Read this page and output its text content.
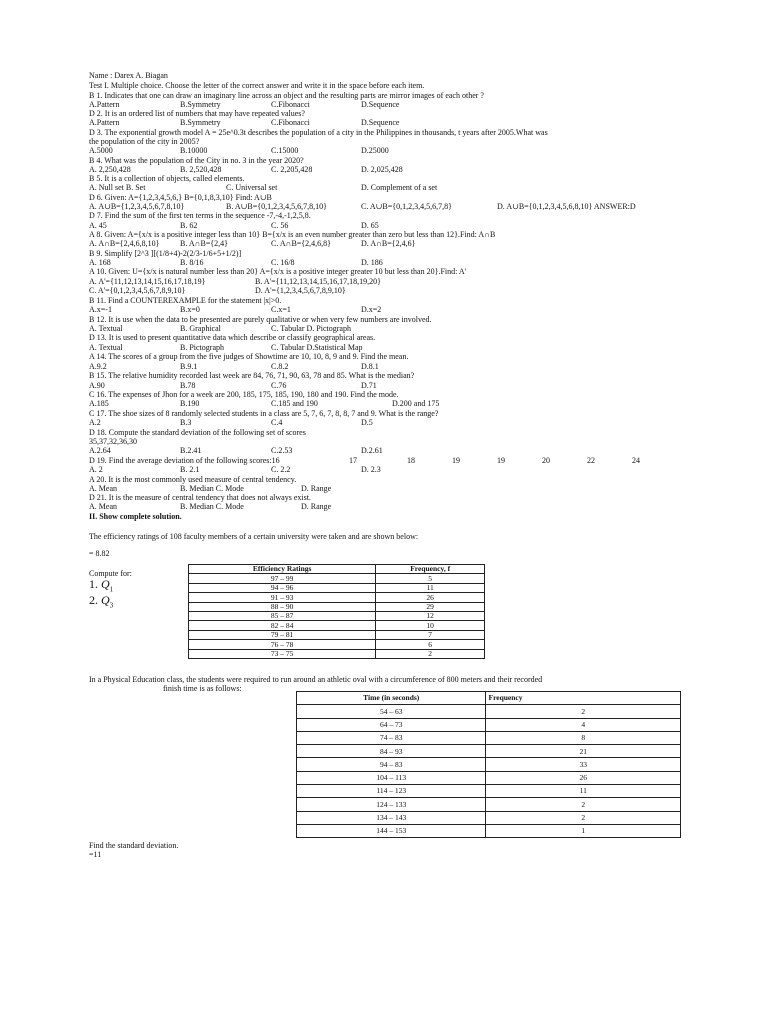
Name : Darex A. Biagan
Test I. Multiple choice. Choose the letter of the correct answer and write it in the space before each item.
B 1. Indicates that one can draw an imaginary line across an object and the resulting parts are mirror images of each other ?
A.Pattern	B.Symmetry	C.Fibonacci	D.Sequence
D 2. It is an ordered list of numbers that may have repeated values?
A.Pattern	B.Symmetry	C.Fibonacci	D.Sequence
D 3. The exponential growth model A = 25e^0.3t describes the population of a city in the Philippines in thousands, t years after 2005.What was
the population of the city in 2005?
A.5000	B.10000	C.15000	D.25000
B 4. What was the population of the City in no. 3 in the year 2020?
A. 2,250,428	B. 2,520,428	C. 2,205,428	D. 2,025,428
B 5. It is a collection of objects, called elements.
A. Null set B. Set	C. Universal set	D. Complement of a set
D 6. Given: A={1,2,3,4,5,6,} B={0,1,8,3,10} Find: A∪B
A. A∪B={1,2,3,4,5,6,7,8,10}	B. A∪B={0,1,2,3,4,5,6,7,8,10}	C. A∪B={0,1,2,3,4,5,6,7,8}	D. A∪B={0,1,2,3,4,5,6,8,10} ANSWER:D
D 7. Find the sum of the first ten terms in the sequence -7,-4,-1,2,5,8.
A. 45	B. 62	C. 56	D. 65
A 8. Given: A={x/x is a positive integer less than 10} B={x/x is an even number greater than zero but less than 12}.Find: A∩B
A. A∩B={2,4,6,8,10}	B. A∩B={2,4}	C. A∩B={2,4,6,8}	D. A∩B={2,4,6}
B 9. Simplify [2^3 ][(1/8+4)-2(2/3-1/6+5+1/2)]
A. 168	B. 8/16	C. 16/8	D. 186
A 10. Given: U={x/x is natural number less than 20} A={x/x is a positive integer greater 10 but less than 20}.Find: A'
A. A'={11,12,13,14,15,16,17,18,19}	B. A'={11,12,13,14,15,16,17,18,19,20}
C. A'={0,1,2,3,4,5,6,7,8,9,10}	D. A'={1,2,3,4,5,6,7,8,9,10}
B 11. Find a COUNTEREXAMPLE for the statement |x|>0.
A.x=-1	B.x=0	C.x=1	D.x=2
B 12. It is use when the data to be presented are purely qualitative or when very few numbers are involved.
A. Textual	B. Graphical	C. Tabular D. Pictograph
D 13. It is used to present quantitative data which describe or classify geographical areas.
A. Textual	B. Pictograph	C. Tabular D.Statistical Map
A 14. The scores of a group from the five judges of Showtime are 10, 10, 8, 9 and 9. Find the mean.
A.9.2	B.9.1	C.8.2	D.8.1
B 15. The relative humidity recorded last week are 84, 76, 71, 90, 63, 78 and 85. What is the median?
A.90	B.78	C.76	D.71
C 16. The expenses of Jhon for a week are 200, 185, 175, 185, 190, 180 and 190. Find the mode.
A.185	B.190	C.185 and 190	D.200 and 175
C 17. The shoe sizes of 8 randomly selected students in a class are 5, 7, 6, 7, 8, 8, 7 and 9. What is the range?
A.2	B.3	C.4	D.5
D 18. Compute the standard deviation of the following set of scores
35,37,32,36,30
A.2.64	B.2.41	C.2.53	D.2.61
D 19. Find the average deviation of the following scores:16	17	18	19	19	20	22	24
A. 2	B. 2.1	C. 2.2	D. 2.3
A 20. It is the most commonly used measure of central tendency.
A. Mean	B. Median C. Mode	D. Range
D 21. It is the measure of central tendency that does not always exist.
A. Mean	B. Median C. Mode	D. Range
II. Show complete solution.
The efficiency ratings of 108 faculty members of a certain university were taken and are shown below:
= 8.82
Compute for:
1. $Q_1$
2. $Q_3$
Efficiency Ratings	Frequency, f
97 – 99	5
94 – 96	11
91 – 93	26
88 – 90	29
85 – 87	12
82 – 84	10
79 – 81	7
76 – 78	6
73 – 75	2
In a Physical Education class, the students were required to run around an athletic oval with a circumference of 800 meters and their recorded
finish time is as follows:
Time (in seconds)	Frequency
54 – 63	2
64 – 73	4
74 – 83	8
84 – 93	21
94 – 83	33
104 – 113	26
114 – 123	11
124 – 133	2
134 – 143	2
144 – 153	1
Find the standard deviation.
=11
